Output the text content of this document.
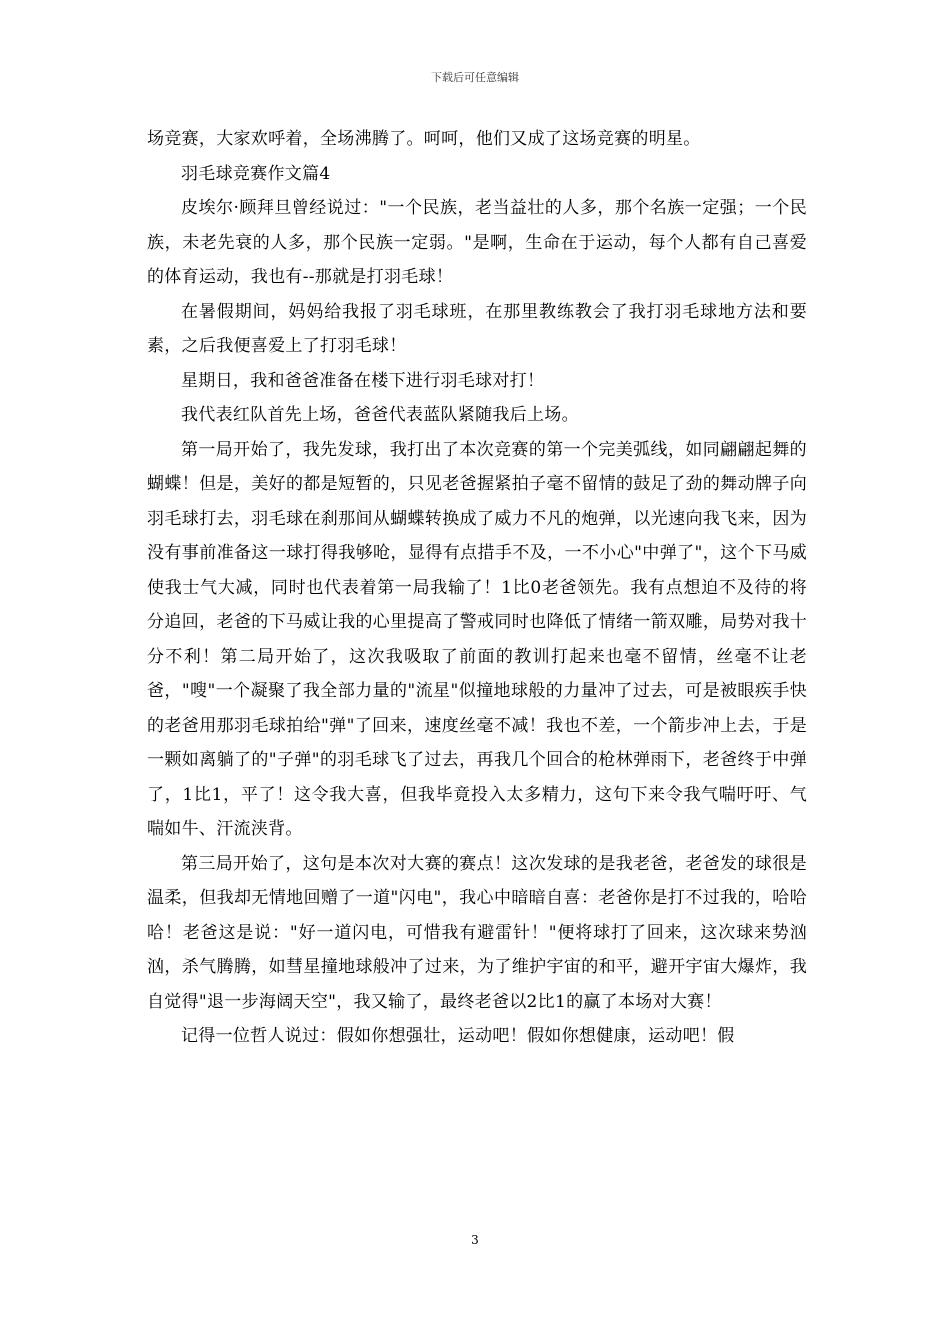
下载后可任意编辑

场竞赛，大家欢呼着，全场沸腾了。呵呵，他们又成了这场竞赛的明星。

羽毛球竞赛作文篇4

皮埃尔·顾拜旦曾经说过："一个民族，老当益壮的人多，那个名族一定强；一个民族，未老先衰的人多，那个民族一定弱。"是啊，生命在于运动，每个人都有自己喜爱的体育运动，我也有--那就是打羽毛球！

在暑假期间，妈妈给我报了羽毛球班，在那里教练教会了我打羽毛球地方法和要素，之后我便喜爱上了打羽毛球！

星期日，我和爸爸准备在楼下进行羽毛球对打！

我代表红队首先上场，爸爸代表蓝队紧随我后上场。

第一局开始了，我先发球，我打出了本次竞赛的第一个完美弧线，如同翩翩起舞的蝴蝶！但是，美好的都是短暂的，只见老爸握紧拍子毫不留情的鼓足了劲的舞动牌子向羽毛球打去，羽毛球在刹那间从蝴蝶转换成了威力不凡的炮弹，以光速向我飞来，因为没有事前准备这一球打得我够呛，显得有点措手不及，一不小心"中弹了"，这个下马威使我士气大减，同时也代表着第一局我输了！1比0老爸领先。我有点想迫不及待的将分追回，老爸的下马威让我的心里提高了警戒同时也降低了情绪一箭双雕，局势对我十分不利！第二局开始了，这次我吸取了前面的教训打起来也毫不留情，丝毫不让老爸，"嗖"一个凝聚了我全部力量的"流星"似撞地球般的力量冲了过去，可是被眼疾手快的老爸用那羽毛球拍给"弹"了回来，速度丝毫不减！我也不差，一个箭步冲上去，于是一颗如离躺了的"子弹"的羽毛球飞了过去，再我几个回合的枪林弹雨下，老爸终于中弹了，1比1，平了！这令我大喜，但我毕竟投入太多精力，这句下来令我气喘吁吁、气喘如牛、汗流浃背。

第三局开始了，这句是本次对大赛的赛点！这次发球的是我老爸，老爸发的球很是温柔，但我却无情地回赠了一道"闪电"，我心中暗暗自喜：老爸你是打不过我的，哈哈哈！老爸这是说："好一道闪电，可惜我有避雷针！"便将球打了回来，这次球来势汹汹，杀气腾腾，如彗星撞地球般冲了过来，为了维护宇宙的和平，避开宇宙大爆炸，我自觉得"退一步海阔天空"，我又输了，最终老爸以2比1的赢了本场对大赛！

记得一位哲人说过：假如你想强壮，运动吧！假如你想健康，运动吧！假

3
